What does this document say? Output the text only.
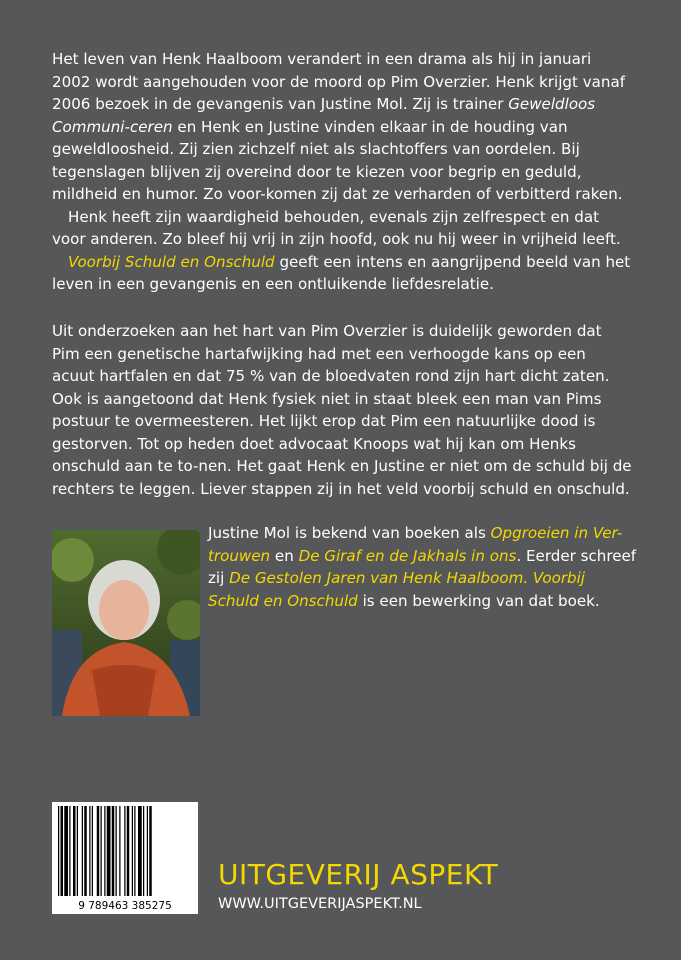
Het leven van Henk Haalboom verandert in een drama als hij in januari 2002 wordt aangehouden voor de moord op Pim Overzier. Henk krijgt vanaf 2006 bezoek in de gevangenis van Justine Mol. Zij is trainer Geweldloos Communi-ceren en Henk en Justine vinden elkaar in de houding van geweldloosheid. Zij zien zichzelf niet als slachtoffers van oordelen. Bij tegenslagen blijven zij overeind door te kiezen voor begrip en geduld, mildheid en humor. Zo voor-komen zij dat ze verharden of verbitterd raken.

Henk heeft zijn waardigheid behouden, evenals zijn zelfrespect en dat voor anderen. Zo bleef hij vrij in zijn hoofd, ook nu hij weer in vrijheid leeft.

Voorbij Schuld en Onschuld geeft een intens en aangrijpend beeld van het leven in een gevangenis en een ontluikende liefdesrelatie.

Uit onderzoeken aan het hart van Pim Overzier is duidelijk geworden dat Pim een genetische hartafwijking had met een verhoogde kans op een acuut hartfalen en dat 75 % van de bloedvaten rond zijn hart dicht zaten. Ook is aangetoond dat Henk fysiek niet in staat bleek een man van Pims postuur te overmeesteren. Het lijkt erop dat Pim een natuurlijke dood is gestorven. Tot op heden doet advocaat Knoops wat hij kan om Henks onschuld aan te to-nen. Het gaat Henk en Justine er niet om de schuld bij de rechters te leggen. Liever stappen zij in het veld voorbij schuld en onschuld.

Justine Mol is bekend van boeken als Opgroeien in Ver-trouwen en De Giraf en de Jakhals in ons. Eerder schreef zij De Gestolen Jaren van Henk Haalboom. Voorbij Schuld en Onschuld is een bewerking van dat boek.
9 789463 385275
UITGEVERIJ ASPEKT
WWW.UITGEVERIJASPEKT.NL
